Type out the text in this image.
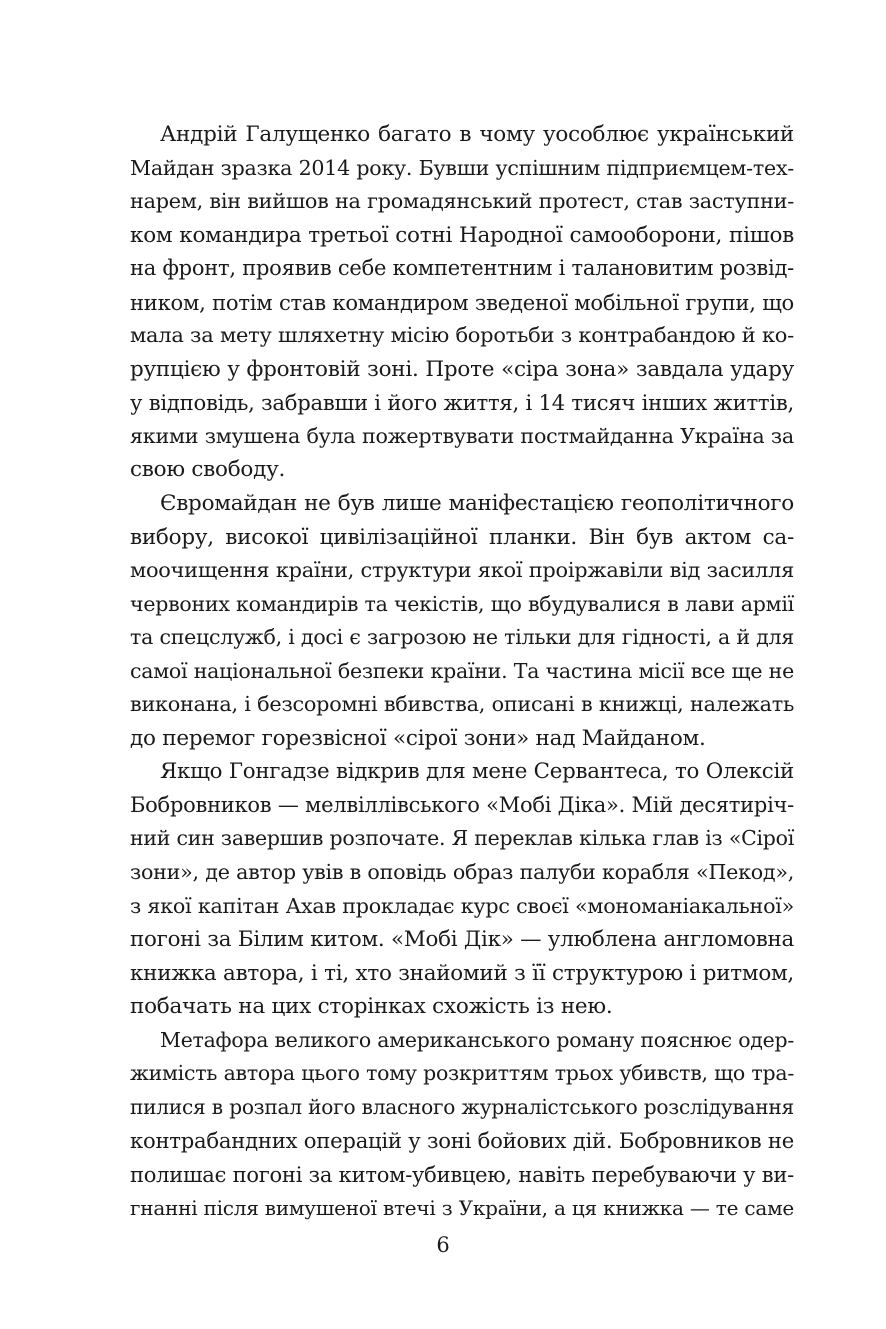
Андрій Галущенко багато в чому уособлює український
Майдан зразка 2014 року. Бувши успішним підприємцем-тех-
нарем, він вийшов на громадянський протест, став заступни-
ком командира третьої сотні Народної самооборони, пішов
на фронт, проявив себе компетентним і талановитим розвід-
ником, потім став командиром зведеної мобільної групи, що
мала за мету шляхетну місію боротьби з контрабандою й ко-
рупцією у фронтовій зоні. Проте «сіра зона» завдала удару
у відповідь, забравши і його життя, і 14 тисяч інших життів,
якими змушена була пожертвувати постмайданна Україна за
свою свободу.
Євромайдан не був лише маніфестацією геополітичного
вибору, високої цивілізаційної планки. Він був актом са-
моочищення країни, структури якої проіржавіли від засилля
червоних командирів та чекістів, що вбудувалися в лави армії
та спецслужб, і досі є загрозою не тільки для гідності, а й для
самої національної безпеки країни. Та частина місії все ще не
виконана, і безсоромні вбивства, описані в книжці, належать
до перемог горезвісної «сірої зони» над Майданом.
Якщо Гонгадзе відкрив для мене Сервантеса, то Олексій
Бобровников — мелвіллівського «Мобі Діка». Мій десятиріч-
ний син завершив розпочате. Я переклав кілька глав із «Сірої
зони», де автор увів в оповідь образ палуби корабля «Пекод»,
з якої капітан Ахав прокладає курс своєї «мономаніакальної»
погоні за Білим китом. «Мобі Дік» — улюблена англомовна
книжка автора, і ті, хто знайомий з її структурою і ритмом,
побачать на цих сторінках схожість із нею.
Метафора великого американського роману пояснює одер-
жимість автора цього тому розкриттям трьох убивств, що тра-
пилися в розпал його власного журналістського розслідування
контрабандних операцій у зоні бойових дій. Бобровников не
полишає погоні за китом-убивцею, навіть перебуваючи у ви-
гнанні після вимушеної втечі з України, а ця книжка — те саме
6
